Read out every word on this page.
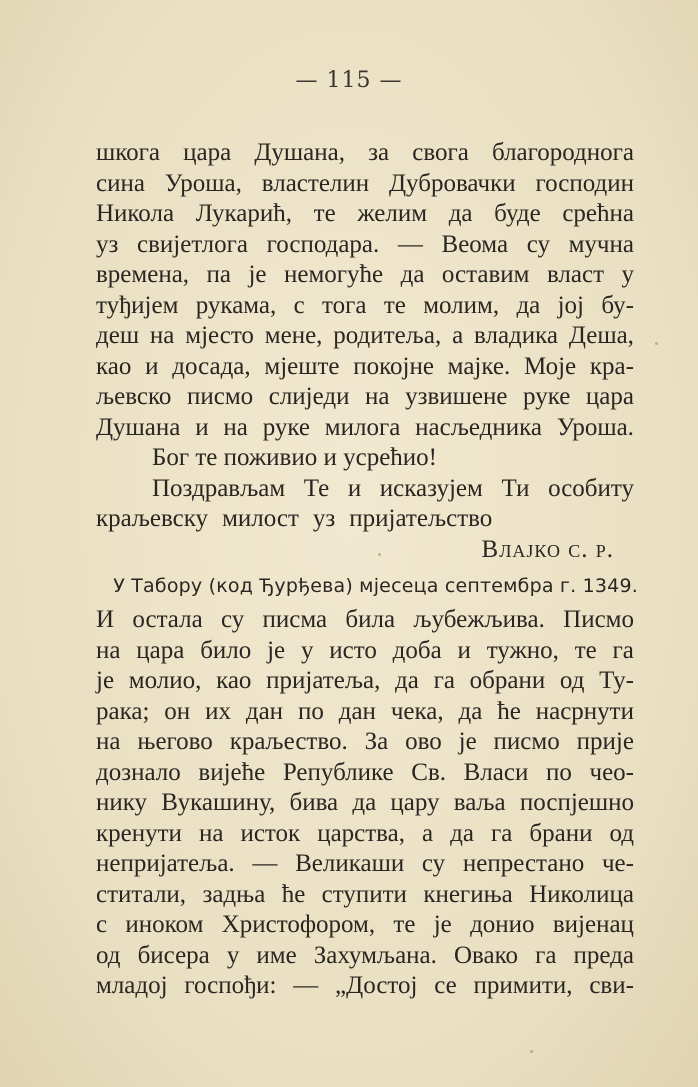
— 115 —
шкога цара Душана, за свога благороднога
сина Уроша, властелин Дубровачки господин
Никола Лукарић, те желим да буде срећна
уз свијетлога господара. — Веома су мучна
времена, па је немогуће да оставим власт у
туђијем рукама, с тога те молим, да јој бу-
деш на мјесто мене, родитеља, а владика Деша,
као и досада, мјеште покојне мајке. Моје кра-
љевско писмо слиједи на узвишене руке цара
Душана и на руке милога насљедника Уроша.
Бог те поживио и усрећио!
Поздрављам Те и исказујем Ти особиту
краљевску милост уз пријатељство
Влајко с. р.
У Табору (код Ђурђева) мјесеца септембра г. 1349.
И остала су писма била љубежљива. Писмо
на цара било је у исто доба и тужно, те га
је молио, као пријатеља, да га обрани од Ту-
рака; он их дан по дан чека, да ће насрнути
на његово краљество. За ово је писмо прије
дознало вијеће Републике Св. Власи по чео-
нику Вукашину, бива да цару ваља поспјешно
кренути на исток царства, а да га брани од
непријатеља. — Великаши су непрестано че-
ститали, задња ће ступити кнегиња Николица
с иноком Христофором, те је донио вијенац
од бисера у име Захумљана. Овако га преда
младој госпођи: — „Достој се примити, сви-
